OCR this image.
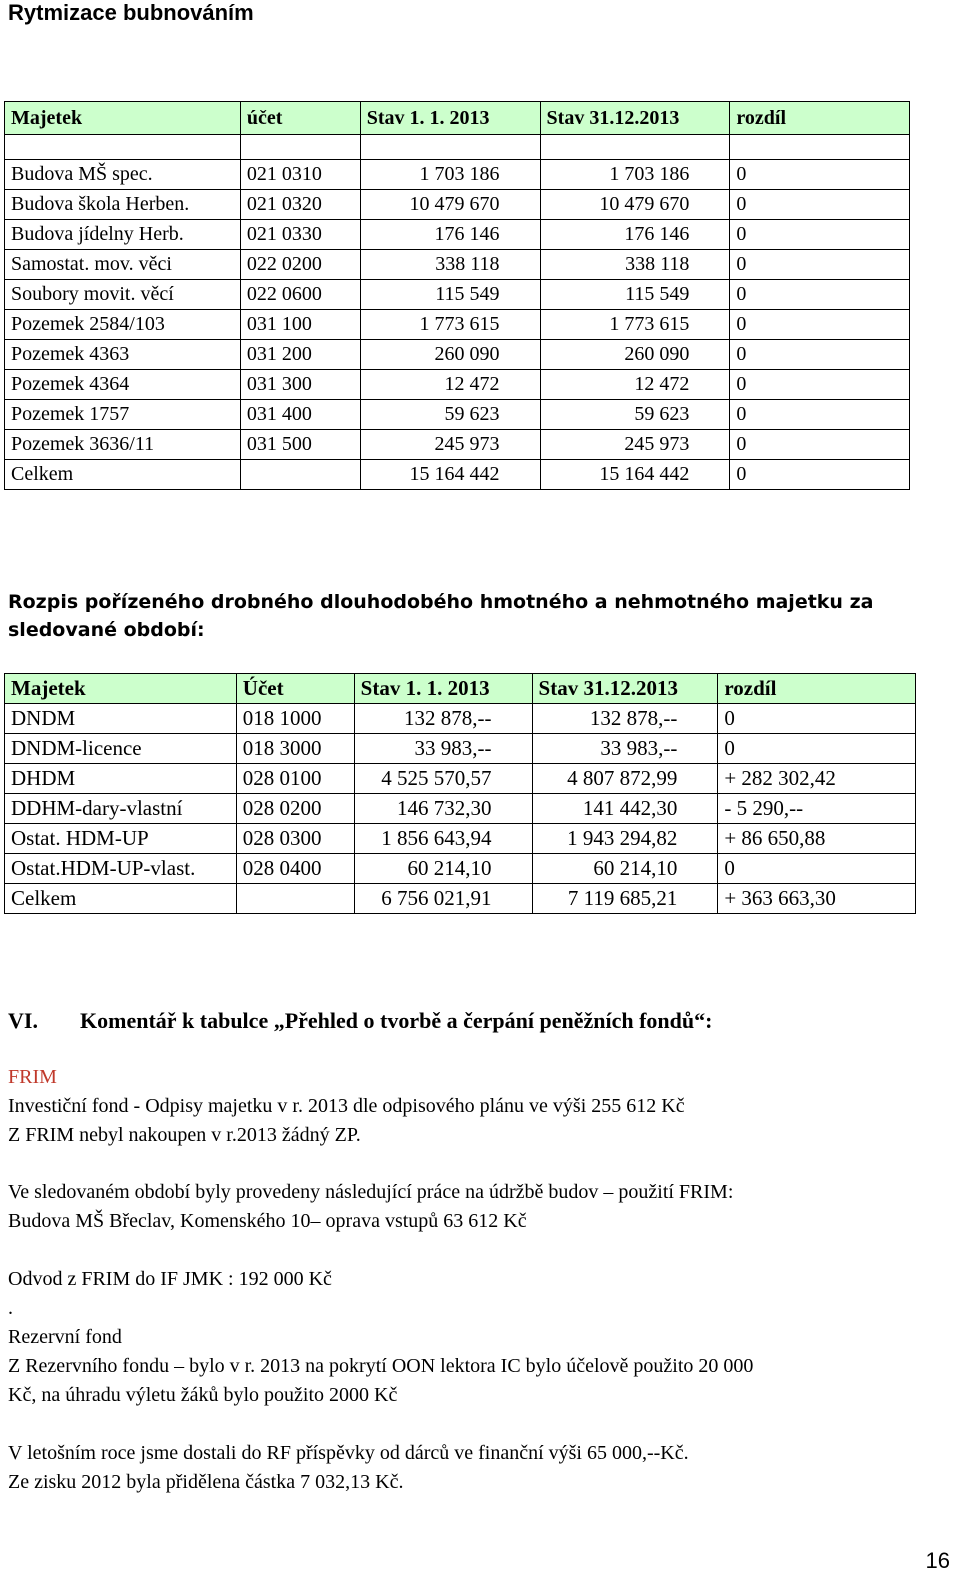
Rytmizace bubnováním
Majetek	účet	Stav 1. 1. 2013	Stav 31.12.2013	rozdíl

Budova MŠ spec.	021 0310	1 703 186	1 703 186	0
Budova škola Herben.	021 0320	10 479 670	10 479 670	0
Budova jídelny Herb.	021 0330	176 146	176 146	0
Samostat. mov. věci	022 0200	338 118	338 118	0
Soubory movit. věcí	022 0600	115 549	115 549	0
Pozemek 2584/103	031 100	1 773 615	1 773 615	0
Pozemek 4363	031 200	260 090	260 090	0
Pozemek 4364	031 300	12 472	12 472	0
Pozemek 1757	031 400	59 623	59 623	0
Pozemek 3636/11	031 500	245 973	245 973	0
Celkem		15 164 442	15 164 442	0
Rozpis pořízeného drobného dlouhodobého hmotného a nehmotného majetku za sledované období:
Majetek	Účet	Stav 1. 1. 2013	Stav 31.12.2013	rozdíl
DNDM	018 1000	132 878,--	132 878,--	0
DNDM-licence	018 3000	33 983,--	33 983,--	0
DHDM	028 0100	4 525 570,57	4 807 872,99	+ 282 302,42
DDHM-dary-vlastní	028 0200	146 732,30	141 442,30	- 5 290,--
Ostat. HDM-UP	028 0300	1 856 643,94	1 943 294,82	+ 86 650,88
Ostat.HDM-UP-vlast.	028 0400	60 214,10	60 214,10	0
Celkem		6 756 021,91	7 119 685,21	+ 363 663,30
VI. Komentář k tabulce „Přehled o tvorbě a čerpání peněžních fondů“:
FRIM
Investiční fond - Odpisy majetku v r. 2013 dle odpisového plánu ve výši 255 612 Kč
Z FRIM nebyl nakoupen v r.2013 žádný ZP.
Ve sledovaném období byly provedeny následující práce na údržbě budov – použití FRIM:
Budova MŠ Břeclav, Komenského 10– oprava vstupů 63 612 Kč
Odvod z FRIM do IF JMK : 192 000 Kč
.
Rezervní fond
Z Rezervního fondu – bylo v r. 2013 na pokrytí OON lektora IC bylo účelově použito 20 000
Kč, na úhradu výletu žáků bylo použito 2000 Kč
V letošním roce jsme dostali do RF příspěvky od dárců ve finanční výši 65 000,--Kč.
Ze zisku 2012 byla přidělena částka 7 032,13 Kč.
16
